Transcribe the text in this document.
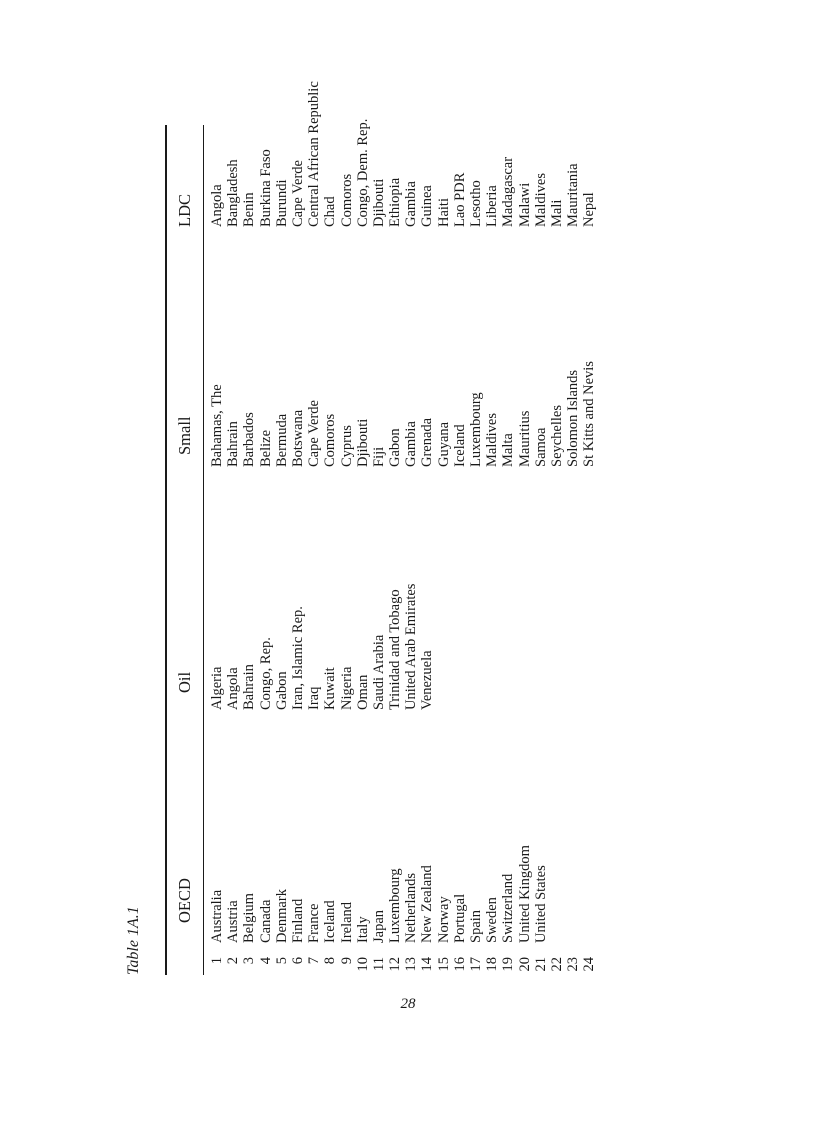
Table 1A.1
OECD
Oil
Small
LDC
1 2 3 4 5 6 7 8 9 10 11 12 13 14 15 16 17 18 19 20 21 22 23 24
Australia Austria Belgium Canada Denmark Finland France Iceland Ireland Italy Japan Luxembourg Netherlands New Zealand Norway Portugal Spain Sweden Switzerland United Kingdom United States
Algeria Angola Bahrain Congo, Rep. Gabon Iran, Islamic Rep. Iraq Kuwait Nigeria Oman Saudi Arabia Trinidad and Tobago United Arab Emirates Venezuela
Bahamas, The Bahrain Barbados Belize Bermuda Botswana Cape Verde Comoros Cyprus Djibouti Fiji Gabon Gambia Grenada Guyana Iceland Luxembourg Maldives Malta Mauritius Samoa Seychelles Solomon Islands St Kitts and Nevis
Angola Bangladesh Benin Burkina Faso Burundi Cape Verde Central African Republic Chad Comoros Congo, Dem. Rep. Djibouti Ethiopia Gambia Guinea Haiti Lao PDR Lesotho Liberia Madagascar Malawi Maldives Mali Mauritania Nepal
28
